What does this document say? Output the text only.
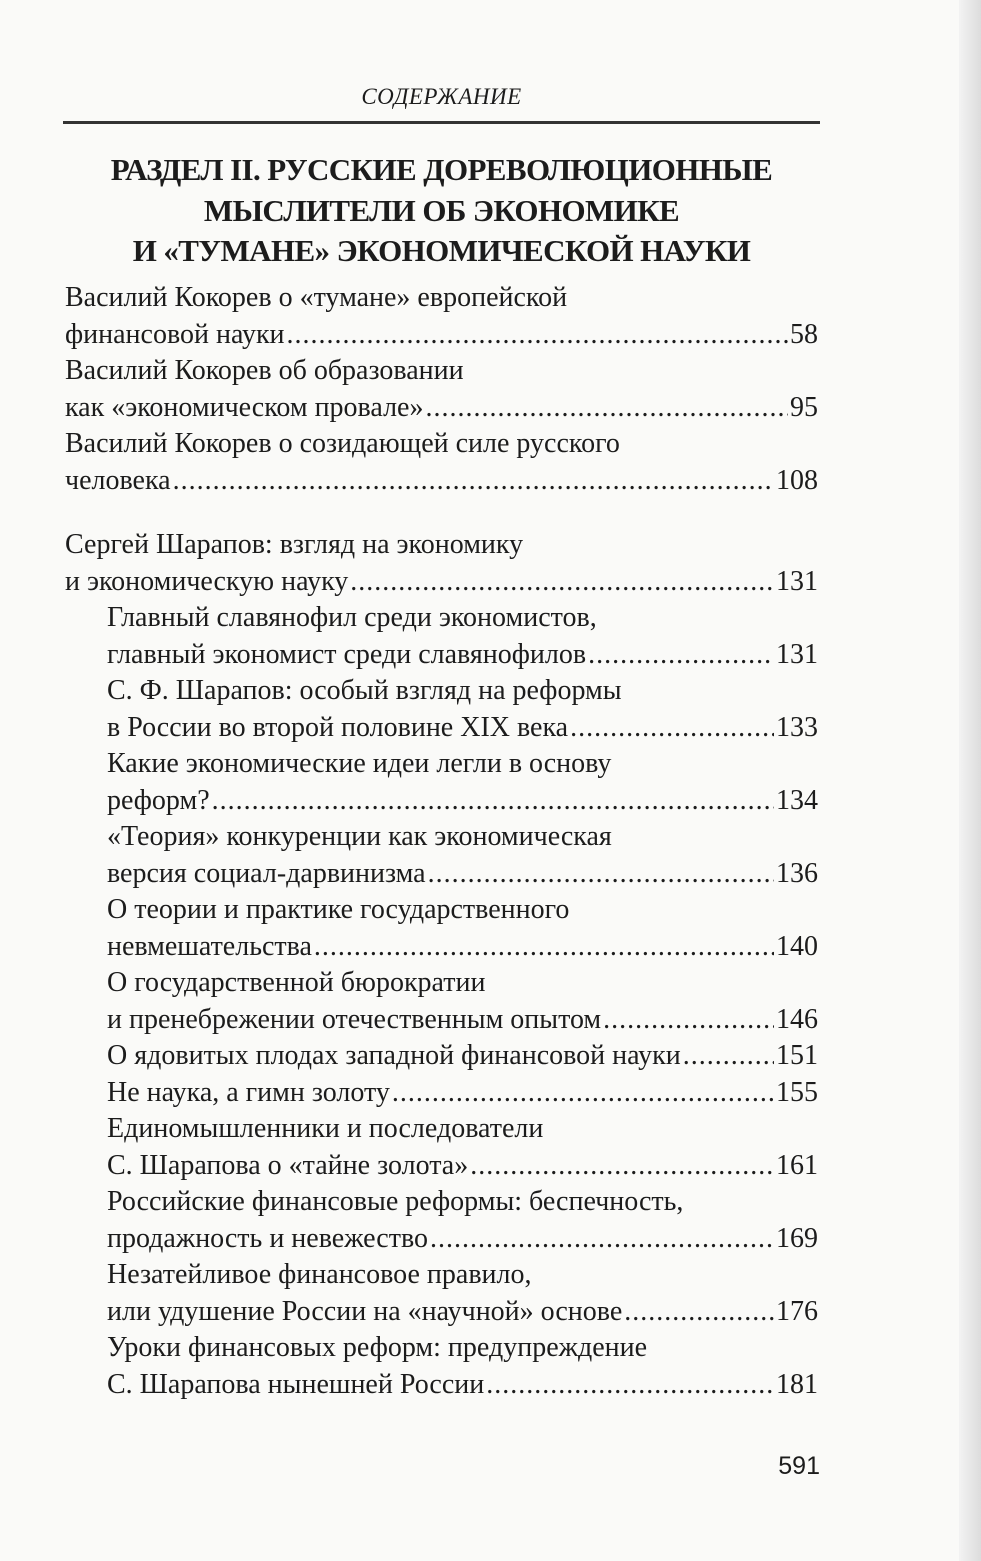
СОДЕРЖАНИЕ
РАЗДЕЛ II. РУССКИЕ ДОРЕВОЛЮЦИОННЫЕ
МЫСЛИТЕЛИ ОБ ЭКОНОМИКЕ
И «ТУМАНЕ» ЭКОНОМИЧЕСКОЙ НАУКИ
Василий Кокорев о «тумане» европейской
финансовой науки .....	58
Василий Кокорев об образовании
как «экономическом провале» .....	95
Василий Кокорев о созидающей силе русского
человека .....	108
Сергей Шарапов: взгляд на экономику
и экономическую науку .....	131
Главный славянофил среди экономистов,
главный экономист среди славянофилов .....	131
С. Ф. Шарапов: особый взгляд на реформы
в России во второй половине XIX века .....	133
Какие экономические идеи легли в основу
реформ? .....	134
«Теория» конкуренции как экономическая
версия социал-дарвинизма .....	136
О теории и практике государственного
невмешательства .....	140
О государственной бюрократии
и пренебрежении отечественным опытом .....	146
О ядовитых плодах западной финансовой науки .....	151
Не наука, а гимн золоту .....	155
Единомышленники и последователи
С. Шарапова о «тайне золота» .....	161
Российские финансовые реформы: беспечность,
продажность и невежество .....	169
Незатейливое финансовое правило,
или удушение России на «научной» основе .....	176
Уроки финансовых реформ: предупреждение
С. Шарапова нынешней России .....	181
591
